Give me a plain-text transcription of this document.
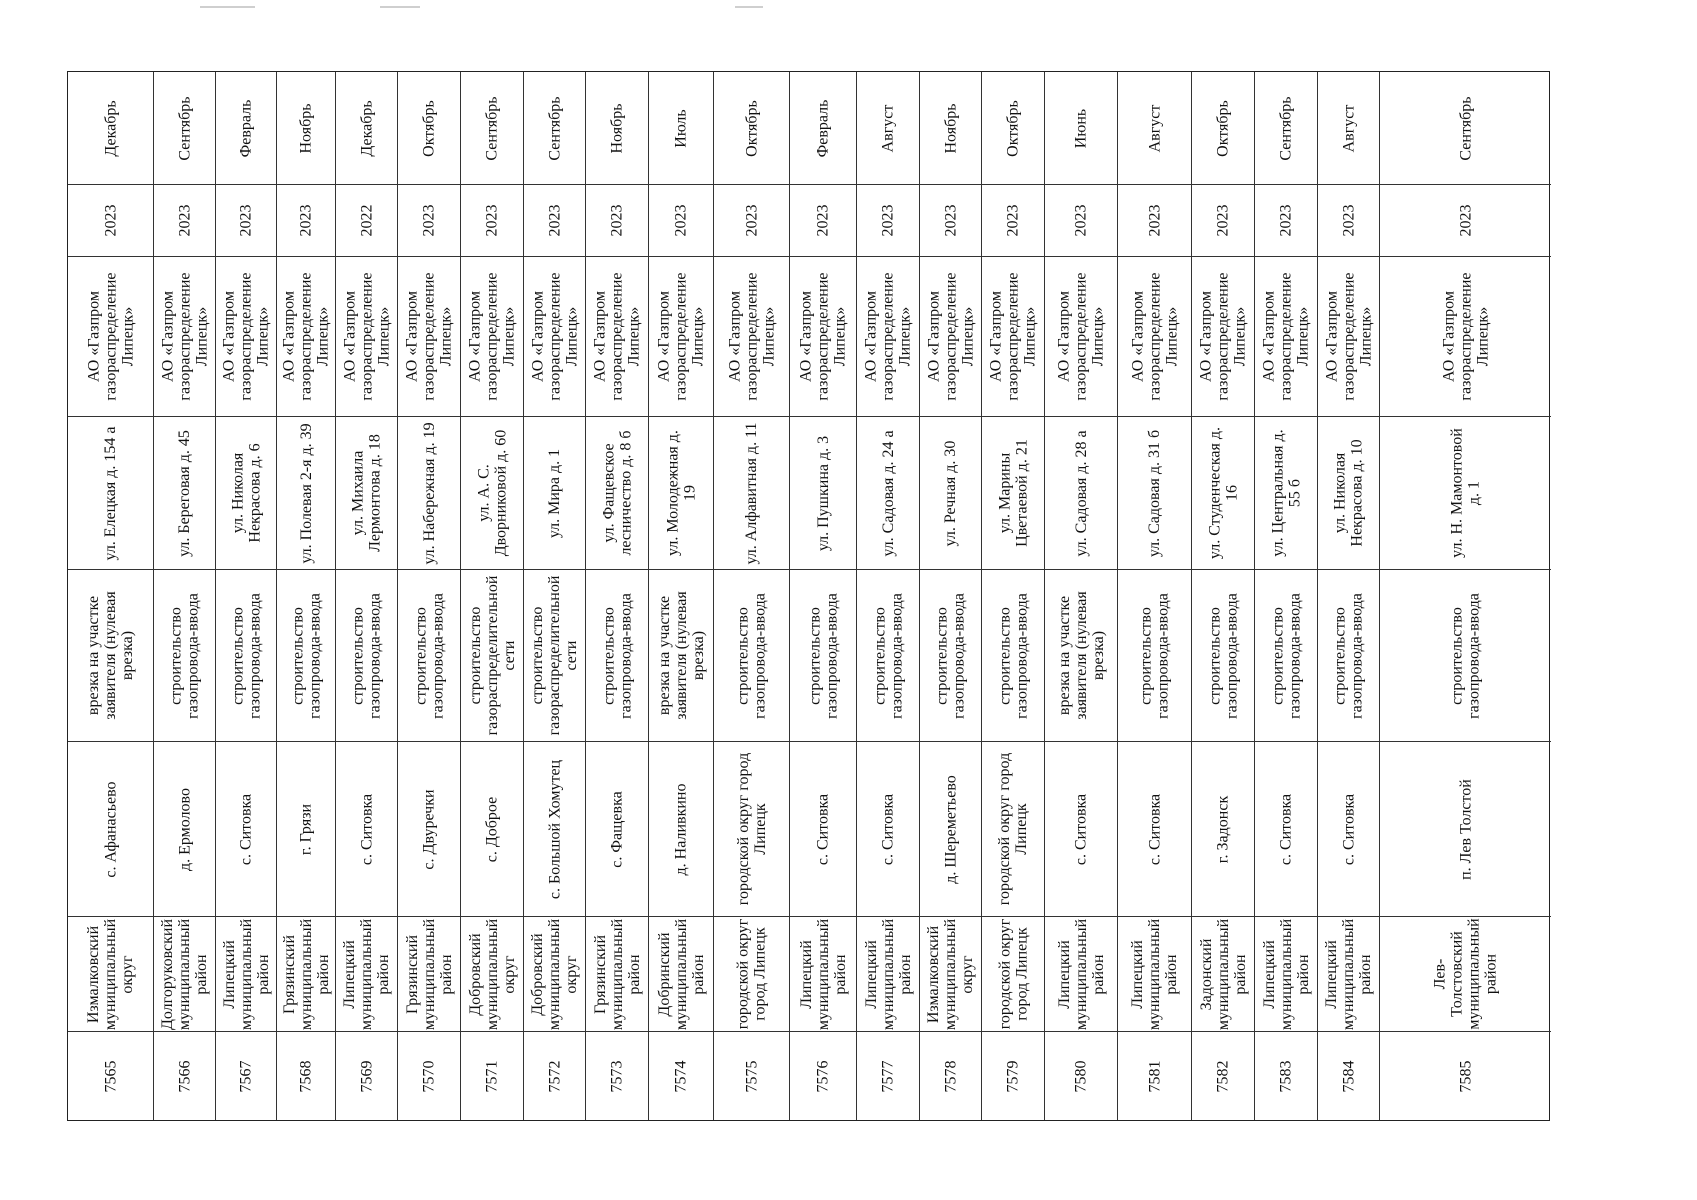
Декабрь
2023
АО «Газпром газораспределение Липецк»
ул. Елецкая д. 154 а
врезка на участке заявителя (нулевая врезка)
с. Афанасьево
Измалковский муниципальный округ
7565
Сентябрь
2023
АО «Газпром газораспределение Липецк»
ул. Береговая д. 45
строительство газопровода-ввода
д. Ермолово
Долгоруковский муниципальный район
7566
Февраль
2023
АО «Газпром газораспределение Липецк»
ул. Николая Некрасова д. 6
строительство газопровода-ввода
с. Ситовка
Липецкий муниципальный район
7567
Ноябрь
2023
АО «Газпром газораспределение Липецк»
ул. Полевая 2-я д. 39
строительство газопровода-ввода
г. Грязи
Грязинский муниципальный район
7568
Декабрь
2022
АО «Газпром газораспределение Липецк»
ул. Михаила Лермонтова д. 18
строительство газопровода-ввода
с. Ситовка
Липецкий муниципальный район
7569
Октябрь
2023
АО «Газпром газораспределение Липецк»
ул. Набережная д. 19
строительство газопровода-ввода
с. Двуречки
Грязинский муниципальный район
7570
Сентябрь
2023
АО «Газпром газораспределение Липецк»
ул. А. С. Дворниковой д. 60
строительство газораспределительной сети
с. Доброе
Добровский муниципальный округ
7571
Сентябрь
2023
АО «Газпром газораспределение Липецк»
ул. Мира д. 1
строительство газораспределительной сети
с. Большой Хомутец
Добровский муниципальный округ
7572
Ноябрь
2023
АО «Газпром газораспределение Липецк»
ул. Фащевское лесничество д. 8 б
строительство газопровода-ввода
с. Фащевка
Грязинский муниципальный район
7573
Июль
2023
АО «Газпром газораспределение Липецк»
ул. Молодежная д. 19
врезка на участке заявителя (нулевая врезка)
д. Наливкино
Добринский муниципальный район
7574
Октябрь
2023
АО «Газпром газораспределение Липецк»
ул. Алфавитная д. 11
строительство газопровода-ввода
городской округ город Липецк
городской округ город Липецк
7575
Февраль
2023
АО «Газпром газораспределение Липецк»
ул. Пушкина д. 3
строительство газопровода-ввода
с. Ситовка
Липецкий муниципальный район
7576
Август
2023
АО «Газпром газораспределение Липецк»
ул. Садовая д. 24 а
строительство газопровода-ввода
с. Ситовка
Липецкий муниципальный район
7577
Ноябрь
2023
АО «Газпром газораспределение Липецк»
ул. Речная д. 30
строительство газопровода-ввода
д. Шереметьево
Измалковский муниципальный округ
7578
Октябрь
2023
АО «Газпром газораспределение Липецк»
ул. Марины Цветаевой д. 21
строительство газопровода-ввода
городской округ город Липецк
городской округ город Липецк
7579
Июнь
2023
АО «Газпром газораспределение Липецк»
ул. Садовая д. 28 а
врезка на участке заявителя (нулевая врезка)
с. Ситовка
Липецкий муниципальный район
7580
Август
2023
АО «Газпром газораспределение Липецк»
ул. Садовая д. 31 б
строительство газопровода-ввода
с. Ситовка
Липецкий муниципальный район
7581
Октябрь
2023
АО «Газпром газораспределение Липецк»
ул. Студенческая д. 16
строительство газопровода-ввода
г. Задонск
Задонский муниципальный район
7582
Сентябрь
2023
АО «Газпром газораспределение Липецк»
ул. Центральная д. 55 б
строительство газопровода-ввода
с. Ситовка
Липецкий муниципальный район
7583
Август
2023
АО «Газпром газораспределение Липецк»
ул. Николая Некрасова д. 10
строительство газопровода-ввода
с. Ситовка
Липецкий муниципальный район
7584
Сентябрь
2023
АО «Газпром газораспределение Липецк»
ул. Н. Мамонтовой д. 1
строительство газопровода-ввода
п. Лев Толстой
Лев-Толстовский муниципальный район
7585
